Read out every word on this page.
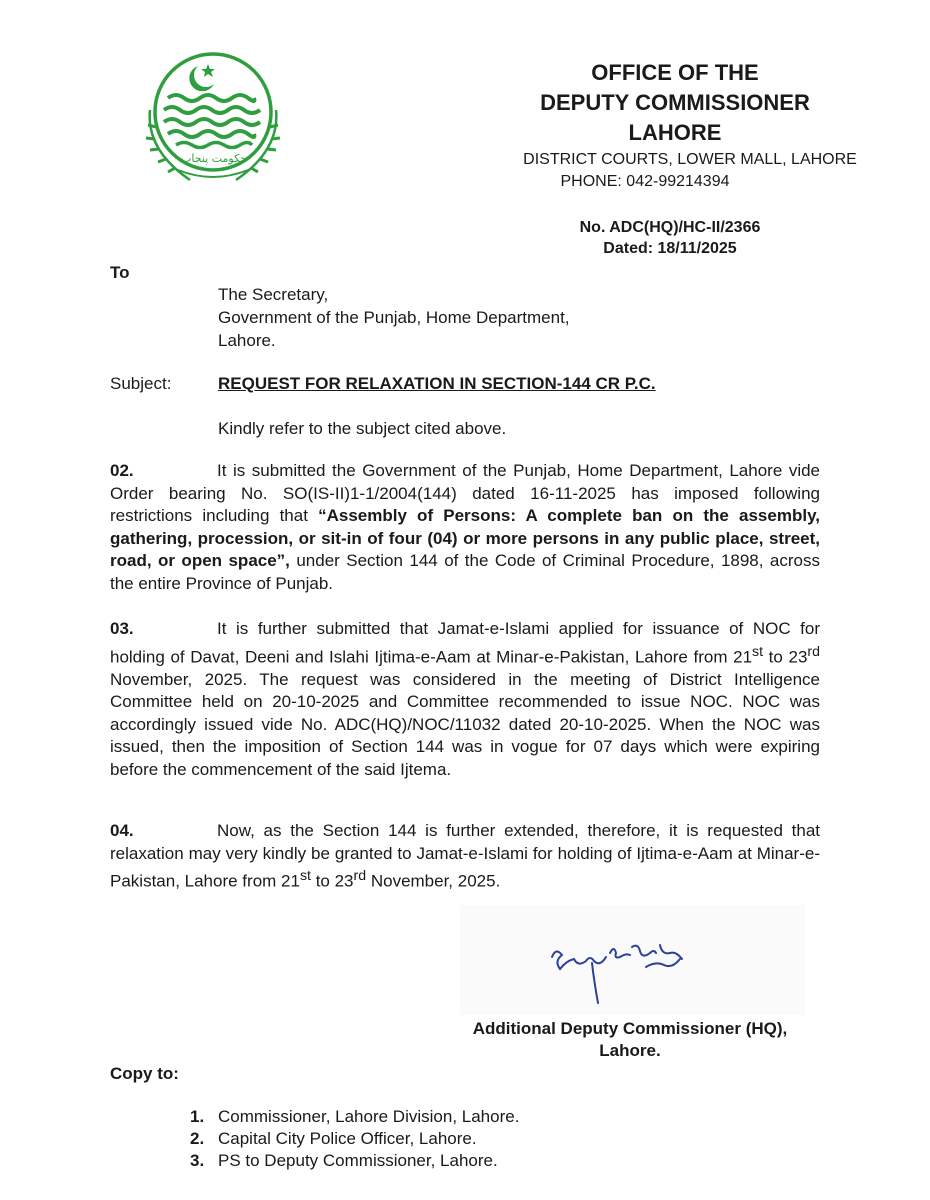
حکومت پنجاب
OFFICE OF THE
DEPUTY COMMISSIONER
LAHORE
DISTRICT COURTS, LOWER MALL, LAHORE
PHONE: 042-99214394
No. ADC(HQ)/HC-II/2366
Dated: 18/11/2025
To
The Secretary,
Government of the Punjab, Home Department,
Lahore.
Subject:	REQUEST FOR RELAXATION IN SECTION-144 CR P.C.
Kindly refer to the subject cited above.
02.	It is submitted the Government of the Punjab, Home Department, Lahore vide Order bearing No. SO(IS-II)1-1/2004(144) dated 16-11-2025 has imposed following restrictions including that “Assembly of Persons: A complete ban on the assembly, gathering, procession, or sit-in of four (04) or more persons in any public place, street, road, or open space”, under Section 144 of the Code of Criminal Procedure, 1898, across the entire Province of Punjab.
03.	It is further submitted that Jamat-e-Islami applied for issuance of NOC for holding of Davat, Deeni and Islahi Ijtima-e-Aam at Minar-e-Pakistan, Lahore from 21st to 23rd November, 2025. The request was considered in the meeting of District Intelligence Committee held on 20-10-2025 and Committee recommended to issue NOC. NOC was accordingly issued vide No. ADC(HQ)/NOC/11032 dated 20-10-2025. When the NOC was issued, then the imposition of Section 144 was in vogue for 07 days which were expiring before the commencement of the said Ijtema.
04.	Now, as the Section 144 is further extended, therefore, it is requested that relaxation may very kindly be granted to Jamat-e-Islami for holding of Ijtima-e-Aam at Minar-e-Pakistan, Lahore from 21st to 23rd November, 2025.
Additional Deputy Commissioner (HQ),
Lahore.
Copy to:
1. Commissioner, Lahore Division, Lahore.
2. Capital City Police Officer, Lahore.
3. PS to Deputy Commissioner, Lahore.
